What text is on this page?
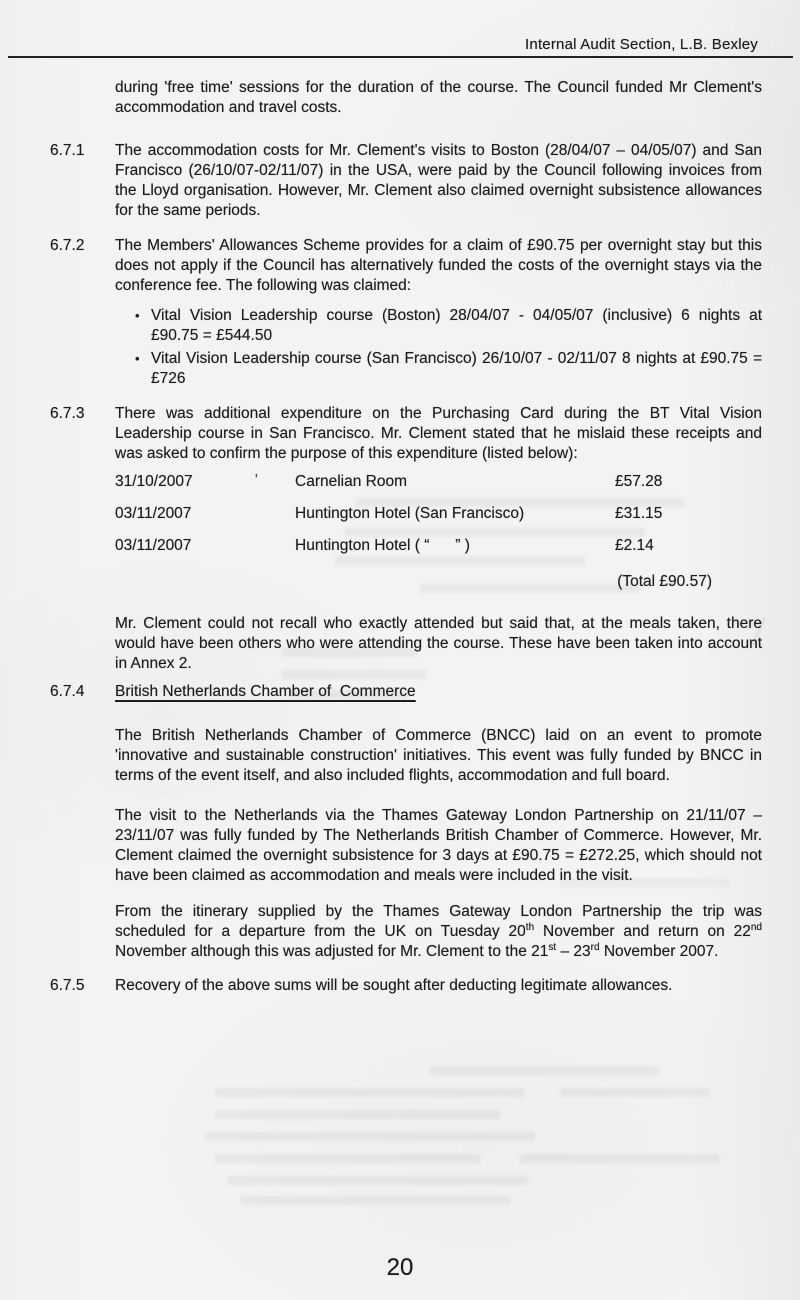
Internal Audit Section, L.B. Bexley

during 'free time' sessions for the duration of the course. The Council funded Mr Clement's accommodation and travel costs.

6.7.1	The accommodation costs for Mr. Clement's visits to Boston (28/04/07 – 04/05/07) and San Francisco (26/10/07-02/11/07) in the USA, were paid by the Council following invoices from the Lloyd organisation. However, Mr. Clement also claimed overnight subsistence allowances for the same periods.

6.7.2	The Members' Allowances Scheme provides for a claim of £90.75 per overnight stay but this does not apply if the Council has alternatively funded the costs of the overnight stays via the conference fee. The following was claimed:

• Vital Vision Leadership course (Boston) 28/04/07 - 04/05/07 (inclusive) 6 nights at £90.75 = £544.50
• Vital Vision Leadership course (San Francisco) 26/10/07 - 02/11/07 8 nights at £90.75 = £726
6.7.3	There was additional expenditure on the Purchasing Card during the BT Vital Vision Leadership course in San Francisco. Mr. Clement stated that he mislaid these receipts and was asked to confirm the purpose of this expenditure (listed below):

31/10/2007	Carnelian Room	£57.28
'
03/11/2007	Huntington Hotel (San Francisco)	£31.15
03/11/2007	Huntington Hotel ( “      ” )	£2.14
(Total £90.57)

Mr. Clement could not recall who exactly attended but said that, at the meals taken, there would have been others who were attending the course. These have been taken into account in Annex 2.

6.7.4	British Netherlands Chamber of  Commerce

The British Netherlands Chamber of Commerce (BNCC) laid on an event to promote 'innovative and sustainable construction' initiatives. This event was fully funded by BNCC in terms of the event itself, and also included flights, accommodation and full board.

The visit to the Netherlands via the Thames Gateway London Partnership on 21/11/07 – 23/11/07 was fully funded by The Netherlands British Chamber of Commerce. However, Mr. Clement claimed the overnight subsistence for 3 days at £90.75 = £272.25, which should not have been claimed as accommodation and meals were included in the visit.

From the itinerary supplied by the Thames Gateway London Partnership the trip was scheduled for a departure from the UK on Tuesday 20th November and return on 22nd November although this was adjusted for Mr. Clement to the 21st – 23rd November 2007.

6.7.5	Recovery of the above sums will be sought after deducting legitimate allowances.

20
